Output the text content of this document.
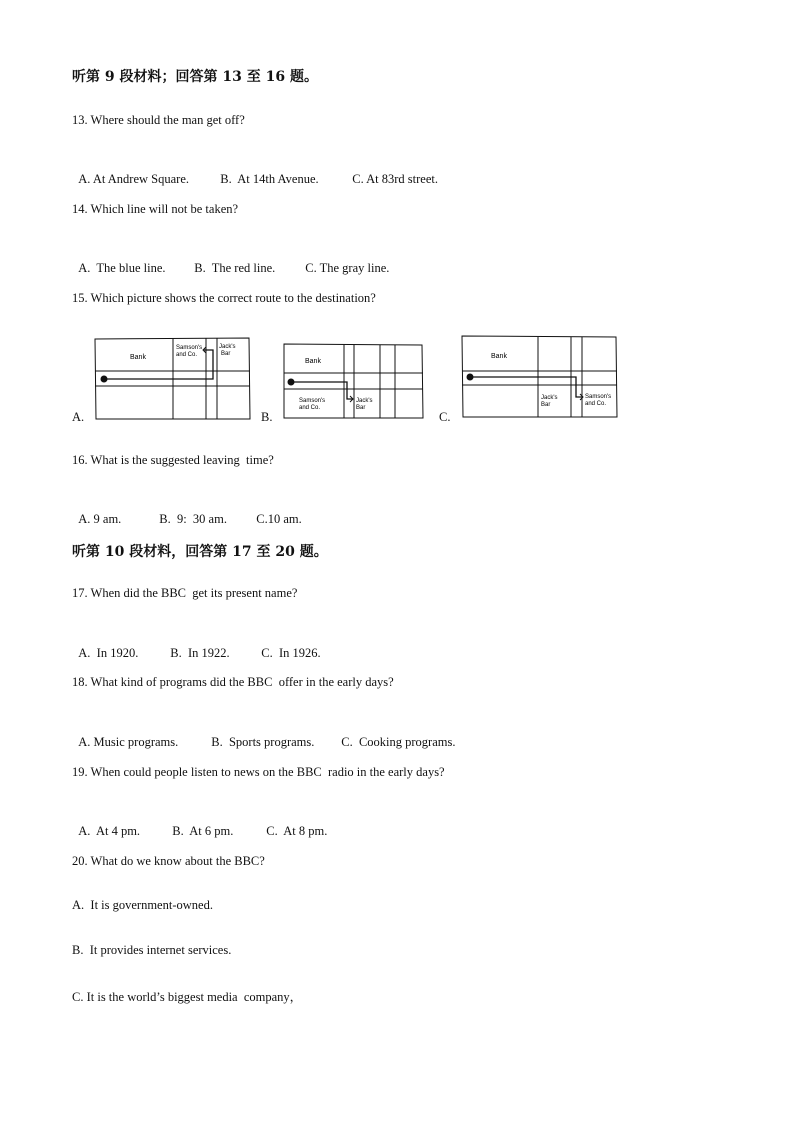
听第 9 段材料；回答第 13 至 16 题。
13. Where should the man get off?

A. At Andrew Square.	B.  At 14th Avenue.	C. At 83rd street.

14. Which line will not be taken?

A.  The blue line. B.  The red line. C. The gray line.

15. Which picture shows the correct route to the destination?
A.	B.	C.
Bank
Samson's
and Co.
Jack's
Bar
Bank
Samson's
and Co.
Jack's
Bar
Bank
Samson's
and Co.
Jack's
Bar
16. What is the suggested leaving  time?

A. 9 am.	B.  9:  30 am. C.10 am.

听第 10 段材料，回答第 17 至 20 题。
17. When did the BBC  get its present name?

A.  In 1920.	B.  In 1922.	C.  In 1926.

18. What kind of programs did the BBC  offer in the early days?

A. Music programs.	B.  Sports programs. C.  Cooking programs.

19. When could people listen to news on the BBC  radio in the early days?

A.  At 4 pm.	B.  At 6 pm.	C.  At 8 pm.

20. What do we know about the BBC?
A.  It is government-owned.
B.  It provides internet services.
C. It is the world’s biggest media  company，
